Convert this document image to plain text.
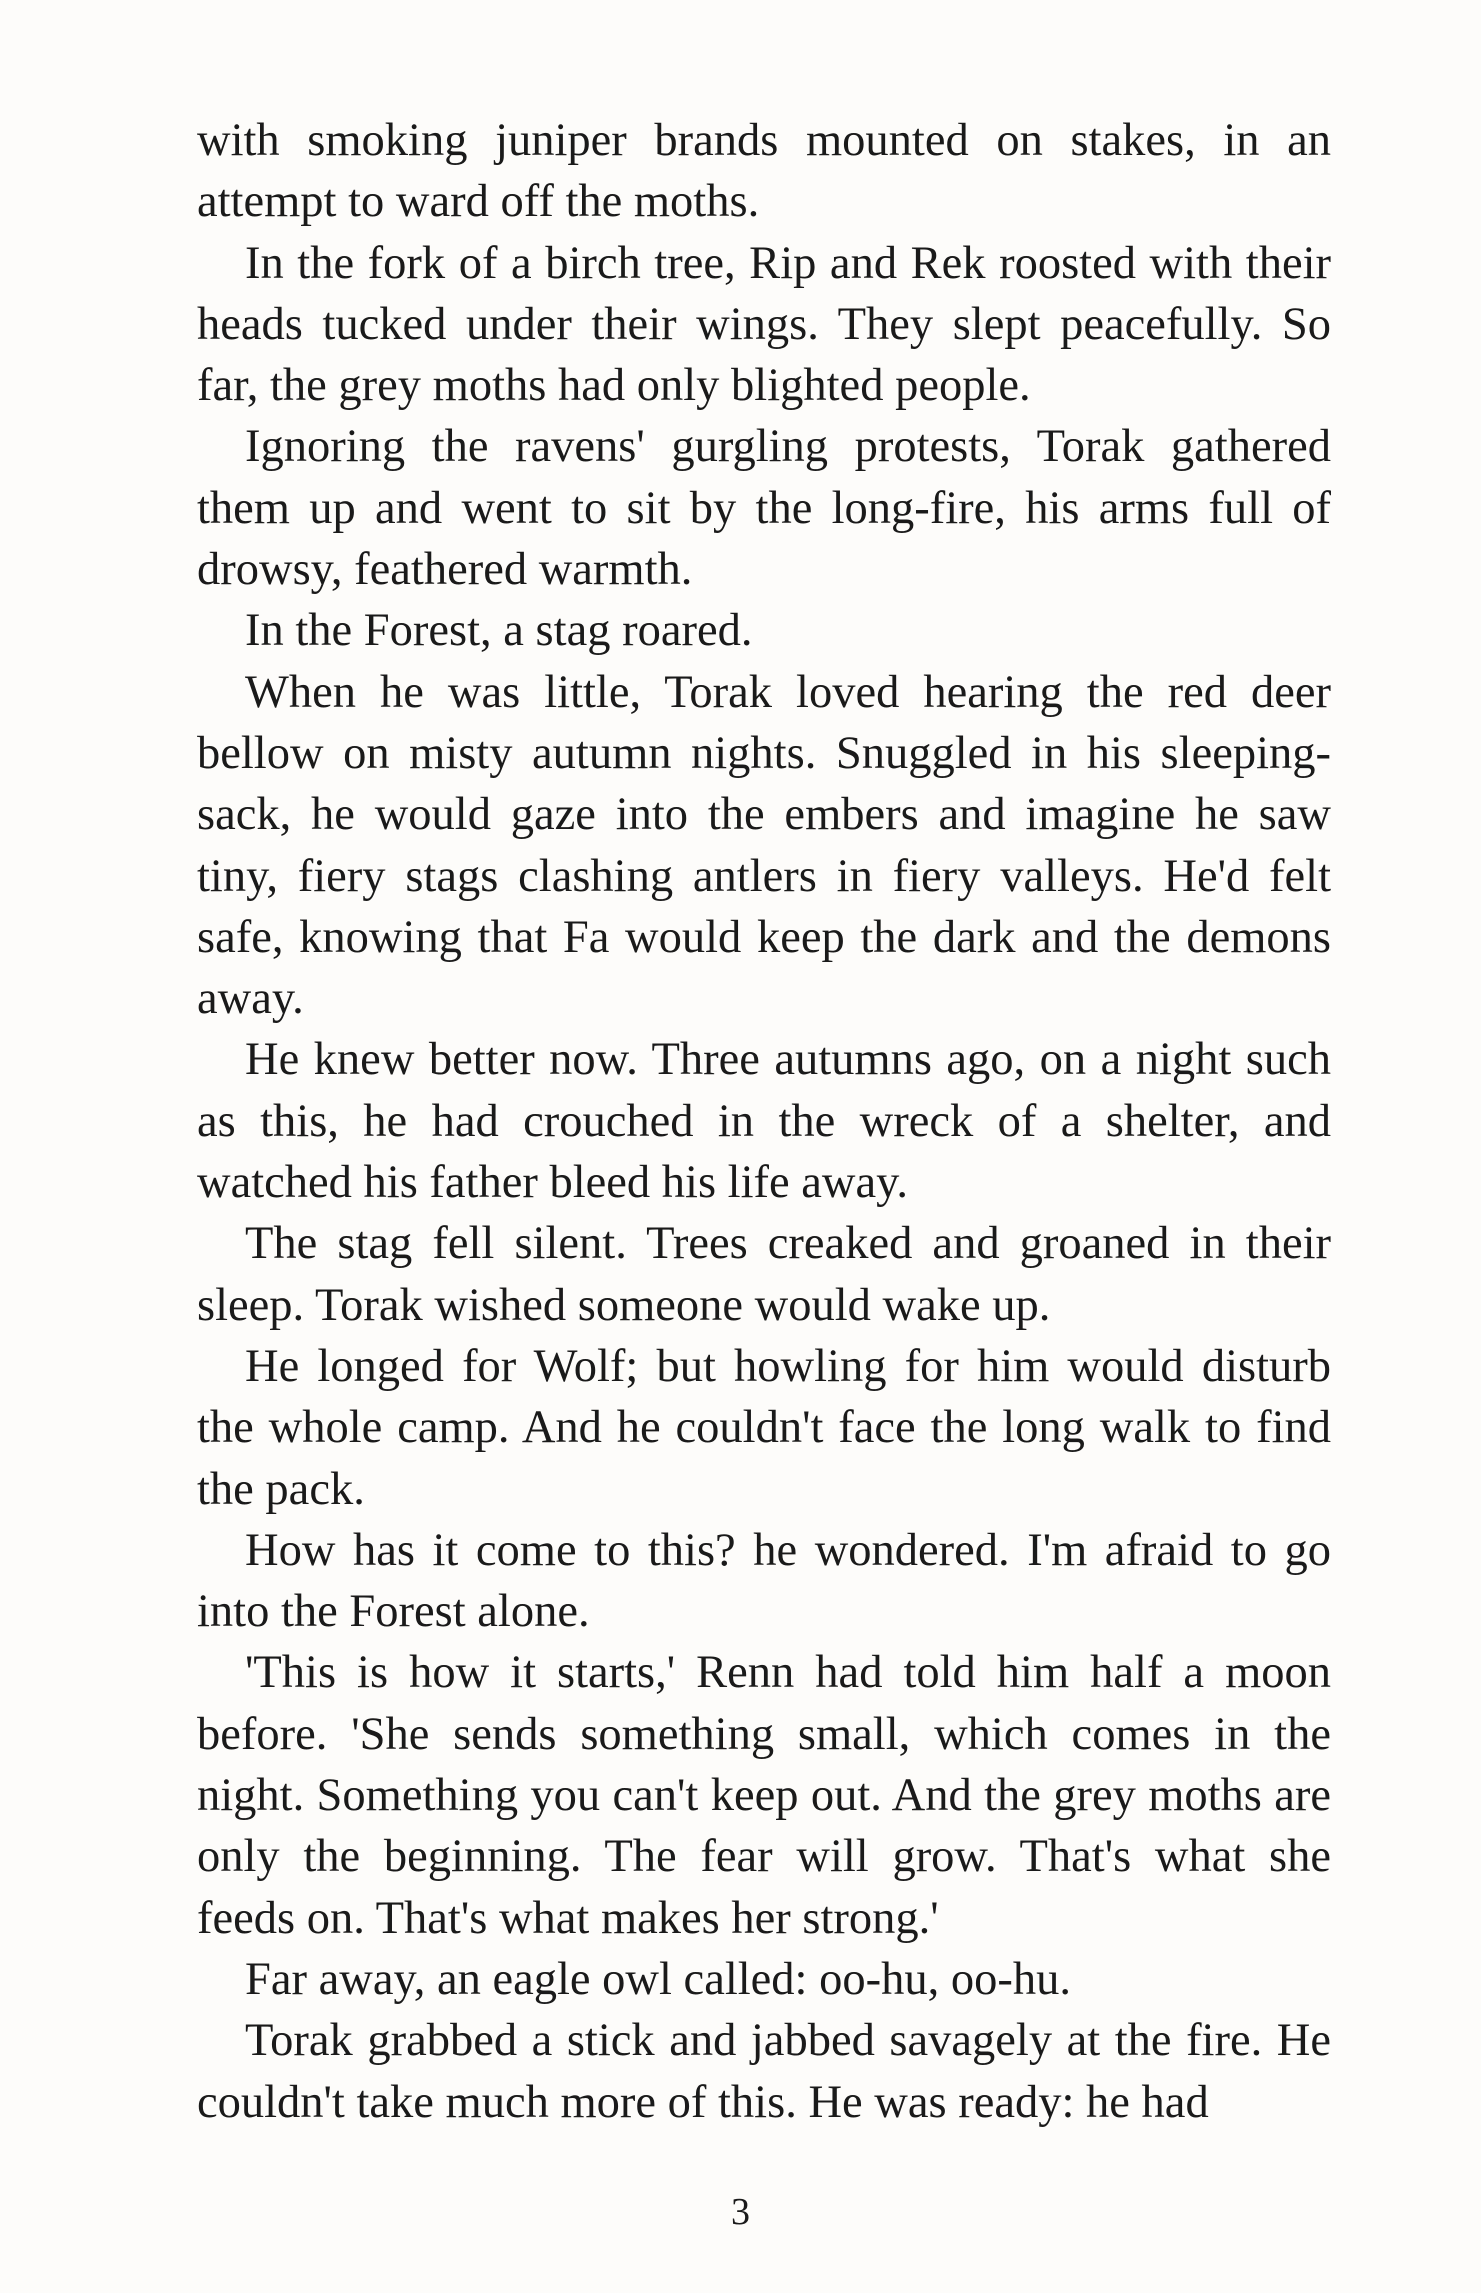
with smoking juniper brands mounted on stakes, in an attempt to ward off the moths.

In the fork of a birch tree, Rip and Rek roosted with their heads tucked under their wings. They slept peacefully. So far, the grey moths had only blighted people.

Ignoring the ravens' gurgling protests, Torak gathered them up and went to sit by the long-fire, his arms full of drowsy, feathered warmth.

In the Forest, a stag roared.

When he was little, Torak loved hearing the red deer bellow on misty autumn nights. Snuggled in his sleeping-sack, he would gaze into the embers and imagine he saw tiny, fiery stags clashing antlers in fiery valleys. He'd felt safe, knowing that Fa would keep the dark and the demons away.

He knew better now. Three autumns ago, on a night such as this, he had crouched in the wreck of a shelter, and watched his father bleed his life away.

The stag fell silent. Trees creaked and groaned in their sleep. Torak wished someone would wake up.

He longed for Wolf; but howling for him would disturb the whole camp. And he couldn't face the long walk to find the pack.

How has it come to this? he wondered. I'm afraid to go into the Forest alone.

'This is how it starts,' Renn had told him half a moon before. 'She sends something small, which comes in the night. Something you can't keep out. And the grey moths are only the beginning. The fear will grow. That's what she feeds on. That's what makes her strong.'

Far away, an eagle owl called: oo-hu, oo-hu.

Torak grabbed a stick and jabbed savagely at the fire. He couldn't take much more of this. He was ready: he had

3
